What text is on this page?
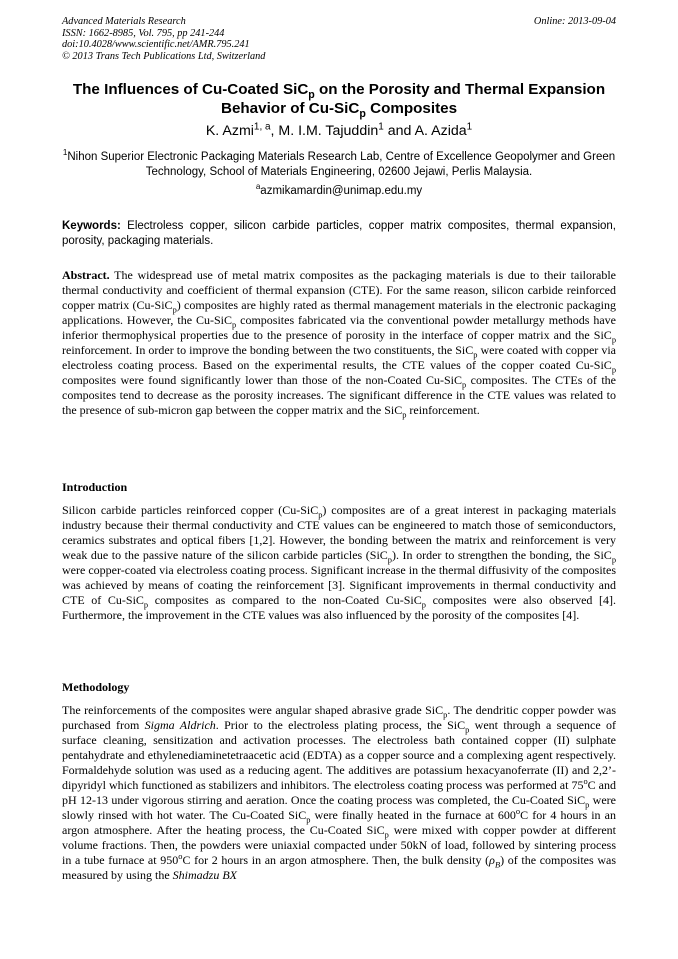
Advanced Materials Research
ISSN: 1662-8985, Vol. 795, pp 241-244
doi:10.4028/www.scientific.net/AMR.795.241
© 2013 Trans Tech Publications Ltd, Switzerland
Online: 2013-09-04
The Influences of Cu-Coated SiC$_p$ on the Porosity and Thermal Expansion Behavior of Cu-SiC$_p$ Composites
K. Azmi$^{1, a}$, M. I.M. Tajuddin$^1$ and A. Azida$^1$
$^1$Nihon Superior Electronic Packaging Materials Research Lab, Centre of Excellence Geopolymer and Green Technology, School of Materials Engineering, 02600 Jejawi, Perlis Malaysia.
$^a$azmikamardin@unimap.edu.my
Keywords: Electroless copper, silicon carbide particles, copper matrix composites, thermal expansion, porosity, packaging materials.
Abstract. The widespread use of metal matrix composites as the packaging materials is due to their tailorable thermal conductivity and coefficient of thermal expansion (CTE). For the same reason, silicon carbide reinforced copper matrix (Cu-SiC$_p$) composites are highly rated as thermal management materials in the electronic packaging applications. However, the Cu-SiC$_p$ composites fabricated via the conventional powder metallurgy methods have inferior thermophysical properties due to the presence of porosity in the interface of copper matrix and the SiC$_p$ reinforcement. In order to improve the bonding between the two constituents, the SiC$_p$ were coated with copper via electroless coating process. Based on the experimental results, the CTE values of the copper coated Cu-SiC$_p$ composites were found significantly lower than those of the non-Coated Cu-SiC$_p$ composites. The CTEs of the composites tend to decrease as the porosity increases. The significant difference in the CTE values was related to the presence of sub-micron gap between the copper matrix and the SiC$_p$ reinforcement.
Introduction
Silicon carbide particles reinforced copper (Cu-SiC$_p$) composites are of a great interest in packaging materials industry because their thermal conductivity and CTE values can be engineered to match those of semiconductors, ceramics substrates and optical fibers [1,2]. However, the bonding between the matrix and reinforcement is very weak due to the passive nature of the silicon carbide particles (SiC$_p$). In order to strengthen the bonding, the SiC$_p$ were copper-coated via electroless coating process. Significant increase in the thermal diffusivity of the composites was achieved by means of coating the reinforcement [3]. Significant improvements in thermal conductivity and CTE of Cu-SiC$_p$ composites as compared to the non-Coated Cu-SiC$_p$ composites were also observed [4]. Furthermore, the improvement in the CTE values was also influenced by the porosity of the composites [4].
Methodology
The reinforcements of the composites were angular shaped abrasive grade SiC$_p$. The dendritic copper powder was purchased from Sigma Aldrich. Prior to the electroless plating process, the SiC$_p$ went through a sequence of surface cleaning, sensitization and activation processes. The electroless bath contained copper (II) sulphate pentahydrate and ethylenediaminetetraacetic acid (EDTA) as a copper source and a complexing agent respectively. Formaldehyde solution was used as a reducing agent. The additives are potassium hexacyanoferrate (II) and 2,2’-dipyridyl which functioned as stabilizers and inhibitors. The electroless coating process was performed at 75$^o$C and pH 12-13 under vigorous stirring and aeration. Once the coating process was completed, the Cu-Coated SiC$_p$ were slowly rinsed with hot water. The Cu-Coated SiC$_p$ were finally heated in the furnace at 600$^o$C for 4 hours in an argon atmosphere. After the heating process, the Cu-Coated SiC$_p$ were mixed with copper powder at different volume fractions. Then, the powders were uniaxial compacted under 50kN of load, followed by sintering process in a tube furnace at 950$^o$C for 2 hours in an argon atmosphere. Then, the bulk density $(\rho_B)$ of the composites was measured by using the Shimadzu BX
